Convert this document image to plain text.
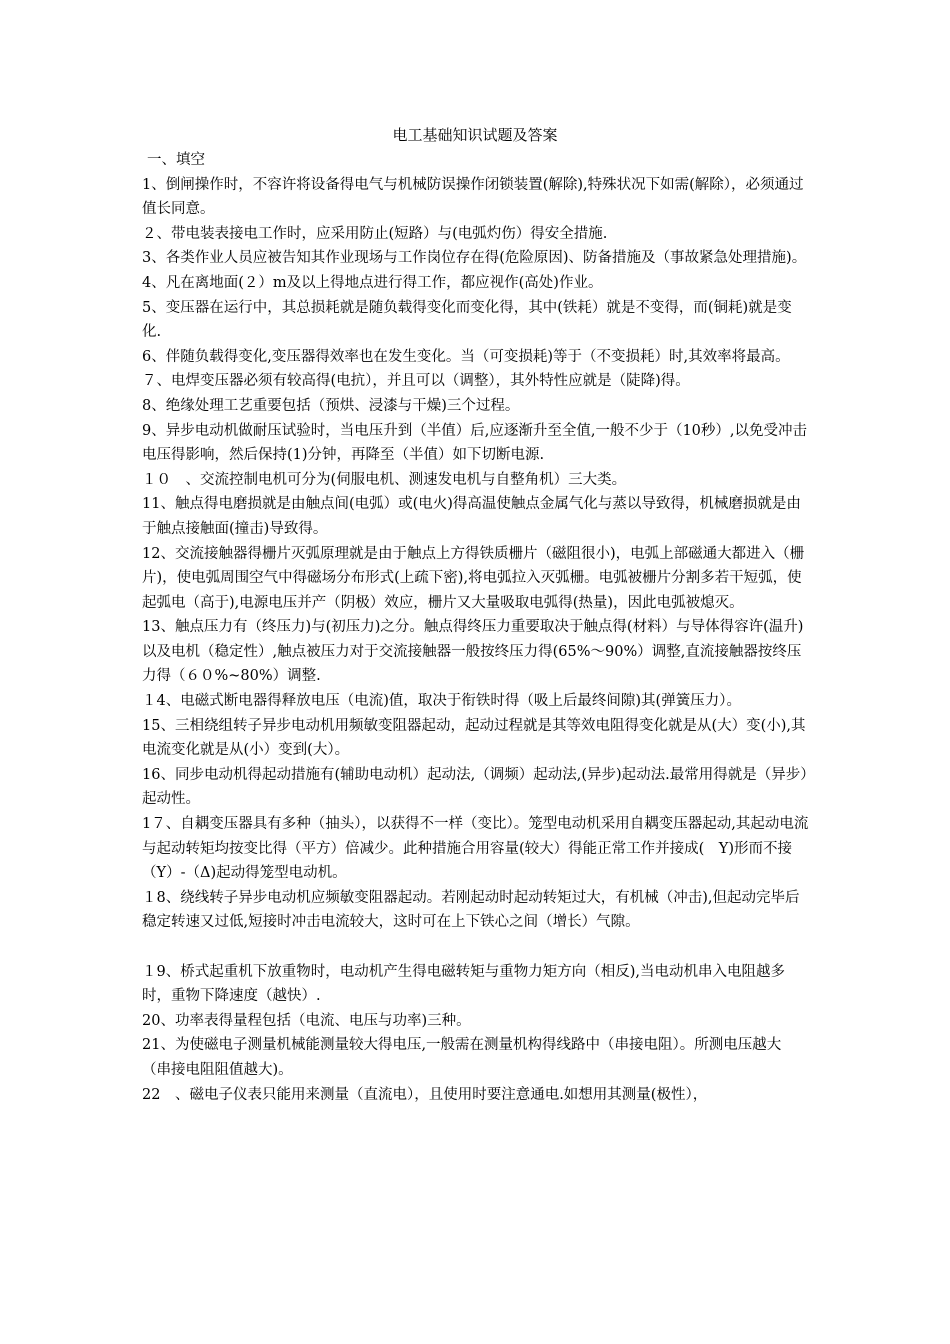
电工基础知识试题及答案

一、填空

1、倒闸操作时，不容许将设备得电气与机械防误操作闭锁装置(解除),特殊状况下如需(解除），必须通过值长同意。

２、带电装表接电工作时，应采用防止(短路）与(电弧灼伤）得安全措施.

3、各类作业人员应被告知其作业现场与工作岗位存在得(危险原因)、防备措施及（事故紧急处理措施)。

4、凡在离地面(２）m及以上得地点进行得工作，都应视作(高处)作业。

5、变压器在运行中，其总损耗就是随负载得变化而变化得，其中(铁耗）就是不变得，而(铜耗)就是变化.

6、伴随负载得变化,变压器得效率也在发生变化。当（可变损耗)等于（不变损耗）时,其效率将最高。

７、电焊变压器必须有较高得(电抗），并且可以（调整），其外特性应就是（陡降)得。

8、绝缘处理工艺重要包括（预烘、浸漆与干燥)三个过程。

9、异步电动机做耐压试验时，当电压升到（半值）后,应逐渐升至全值,一般不少于（10秒）,以免受冲击电压得影响，然后保持(1)分钟，再降至（半值）如下切断电源.

１０　、交流控制电机可分为(伺服电机、测速发电机与自整角机）三大类。

11、触点得电磨损就是由触点间(电弧）或(电火)得高温使触点金属气化与蒸以导致得，机械磨损就是由于触点接触面(撞击)导致得。

12、交流接触器得栅片灭弧原理就是由于触点上方得铁质栅片（磁阻很小)，电弧上部磁通大都进入（栅片)，使电弧周围空气中得磁场分布形式(上疏下密),将电弧拉入灭弧栅。电弧被栅片分割多若干短弧，使起弧电（高于),电源电压并产（阴极）效应，栅片又大量吸取电弧得(热量)，因此电弧被熄灭。

13、触点压力有（终压力)与(初压力)之分。触点得终压力重要取决于触点得(材料）与导体得容许(温升)以及电机（稳定性）,触点被压力对于交流接触器一般按终压力得(65%～90%）调整,直流接触器按终压力得（６０%~80%）调整.

１4、电磁式断电器得释放电压（电流)值，取决于衔铁时得（吸上后最终间隙)其(弹簧压力）。

15、三相绕组转子异步电动机用频敏变阻器起动，起动过程就是其等效电阻得变化就是从(大）变(小),其电流变化就是从(小）变到(大）。

16、同步电动机得起动措施有(辅助电动机）起动法,（调频）起动法,(异步)起动法.最常用得就是（异步）起动性。

1７、自耦变压器具有多种（抽头），以获得不一样（变比）。笼型电动机采用自耦变压器起动,其起动电流与起动转矩均按变比得（平方）倍减少。此种措施合用容量(较大）得能正常工作并接成(　Y)形而不接（Y）-（Δ)起动得笼型电动机。

１8、绕线转子异步电动机应频敏变阻器起动。若刚起动时起动转矩过大，有机械（冲击),但起动完毕后稳定转速又过低,短接时冲击电流较大，这时可在上下铁心之间（增长）气隙。

１9、桥式起重机下放重物时，电动机产生得电磁转矩与重物力矩方向（相反),当电动机串入电阻越多时，重物下降速度（越快）.

20、功率表得量程包括（电流、电压与功率)三种。

21、为使磁电子测量机械能测量较大得电压,一般需在测量机构得线路中（串接电阻）。所测电压越大（串接电阻阻值越大)。

22　、磁电子仪表只能用来测量（直流电），且使用时要注意通电.如想用其测量(极性），
